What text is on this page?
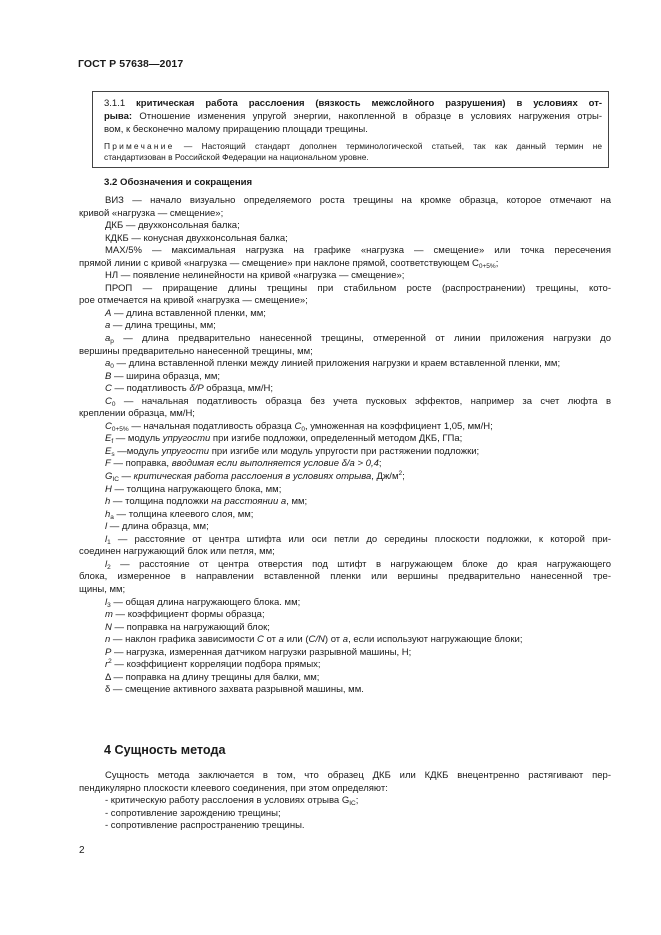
ГОСТ Р 57638—2017
3.1.1 критическая работа расслоения (вязкость межслойного разрушения) в условиях от-
рыва: Отношение изменения упругой энергии, накопленной в образце в условиях нагружения отры-
вом, к бесконечно малому приращению площади трещины.
Примечание — Настоящий стандарт дополнен терминологической статьей, так как данный термин не
стандартизован в Российской Федерации на национальном уровне.
3.2 Обозначения и сокращения

ВИЗ — начало визуально определяемого роста трещины на кромке образца, которое отмечают на

кривой «нагрузка — смещение»;

ДКБ — двухконсольная балка;

КДКБ — конусная двухконсольная балка;

МАХ/5% — максимальная нагрузка на графике «нагрузка — смещение» или точка пересечения

прямой линии с кривой «нагрузка — смещение» при наклоне прямой, соответствующем $C_{0+5\%}$;

НЛ — появление нелинейности на кривой «нагрузка — смещение»;

ПРОП — приращение длины трещины при стабильном росте (распространении) трещины, кото-

рое отмечается на кривой «нагрузка — смещение»;

A — длина вставленной пленки, мм;

a — длина трещины, мм;

$a_p$ — длина предварительно нанесенной трещины, отмеренной от линии приложения нагрузки до

вершины предварительно нанесенной трещины, мм;

$a_0$ — длина вставленной пленки между линией приложения нагрузки и краем вставленной пленки, мм;

B — ширина образца, мм;

C — податливость δ/P образца, мм/Н;

$C_0$ — начальная податливость образца без учета пусковых эффектов, например за счет люфта в

креплении образца, мм/Н;

$C_{0+5\%}$ — начальная податливость образца $C_0$, умноженная на коэффициент 1,05, мм/Н;

$E_f$ — модуль упругости при изгибе подложки, определенный методом ДКБ, ГПа;

$E_s$ —модуль упругости при изгибе или модуль упругости при растяжении подложки;

F — поправка, вводимая если выполняется условие δ/a > 0,4;

$G_{IC}$ — критическая работа расслоения в условиях отрыва, $Дж/м^2$;

H — толщина нагружающего блока, мм;

h — толщина подложки на расстоянии a, мм;

$h_a$ — толщина клеевого слоя, мм;

l — длина образца, мм;

$l_1$ — расстояние от центра штифта или оси петли до середины плоскости подложки, к которой при-

соединен нагружающий блок или петля, мм;

$l_2$ — расстояние от центра отверстия под штифт в нагружающем блоке до края нагружающего

блока, измеренное в направлении вставленной пленки или вершины предварительно нанесенной тре-

щины, мм;

$l_3$ — общая длина нагружающего блока. мм;

m — коэффициент формы образца;

N — поправка на нагружающий блок;

n — наклон графика зависимости C от a или (C/N) от a, если используют нагружающие блоки;

P — нагрузка, измеренная датчиком нагрузки разрывной машины, Н;

$r^2$ — коэффициент корреляции подбора прямых;

Δ — поправка на длину трещины для балки, мм;

δ — смещение активного захвата разрывной машины, мм.

4 Сущность метода

Сущность метода заключается в том, что образец ДКБ или КДКБ внецентренно растягивают пер-

пендикулярно плоскости клеевого соединения, при этом определяют:

- критическую работу расслоения в условиях отрыва $G_{IC}$;

- сопротивление зарождению трещины;

- сопротивление распространению трещины.

2
